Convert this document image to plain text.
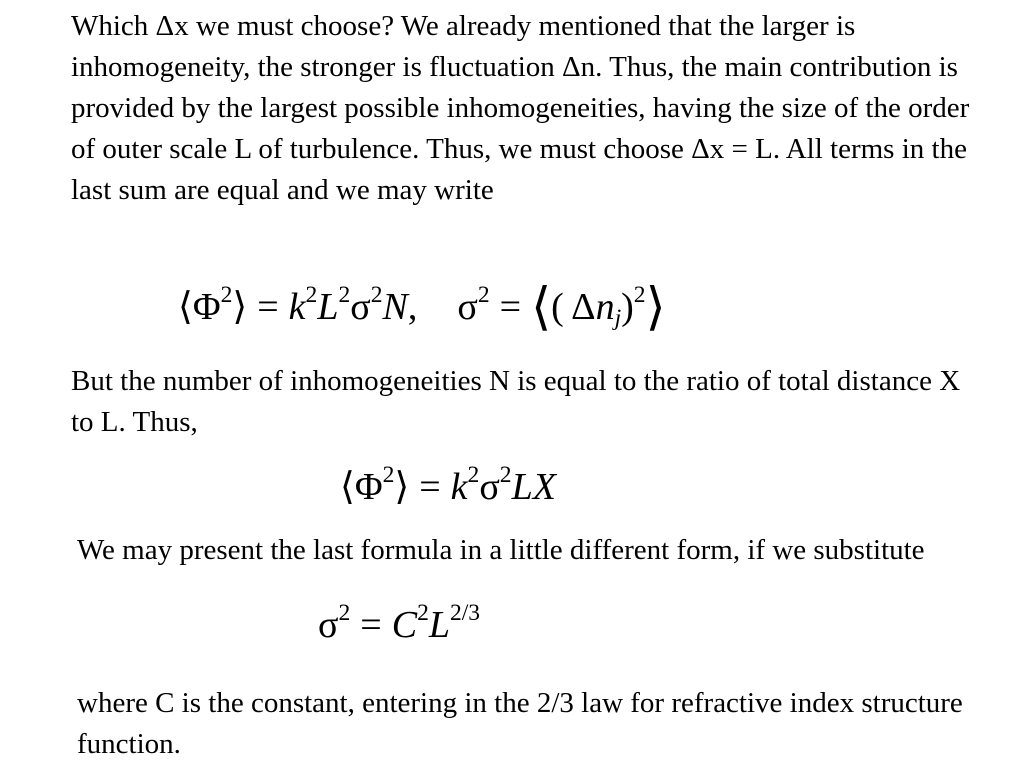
Which Δx we must choose? We already mentioned that the larger is inhomogeneity, the stronger is fluctuation Δn. Thus, the main contribution is provided by the largest possible inhomogeneities, having the size of the order of outer scale L of turbulence. Thus, we must choose Δx = L. All terms in the last sum are equal and we may write

$⟨\Phi^2⟩ = k^2L^2\sigma^2N$, $\sigma^2$ = ⟨( $\Delta n_j)^2⟩$

But the number of inhomogeneities N is equal to the ratio of total distance X to L. Thus,

$⟨\Phi^2⟩ = k^2\sigma^2LX$

We may present the last formula in a little different form, if we substitute

$\sigma^2 = C^2L^{2/3}$

where C is the constant, entering in the 2/3 law for refractive index structure function.
